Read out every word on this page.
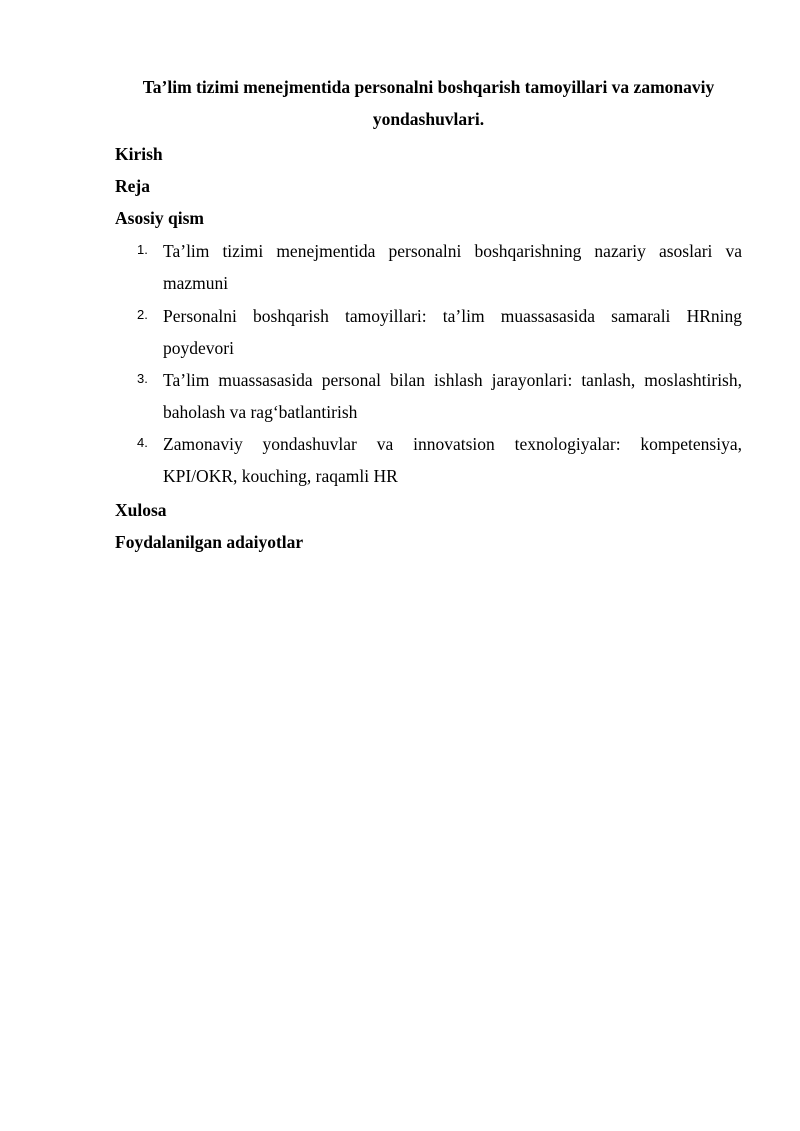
Ta’lim tizimi menejmentida personalni boshqarish tamoyillari va zamonaviy yondashuvlari.

Kirish

Reja

Asosiy qism

1. Ta’lim tizimi menejmentida personalni boshqarishning nazariy asoslari va mazmuni
2. Personalni boshqarish tamoyillari: ta’lim muassasasida samarali HRning poydevori
3. Ta’lim muassasasida personal bilan ishlash jarayonlari: tanlash, moslashtirish, baholash va rag‘batlantirish
4. Zamonaviy yondashuvlar va innovatsion texnologiyalar: kompetensiya, KPI/OKR, kouching, raqamli HR

Xulosa

Foydalanilgan adaiyotlar
